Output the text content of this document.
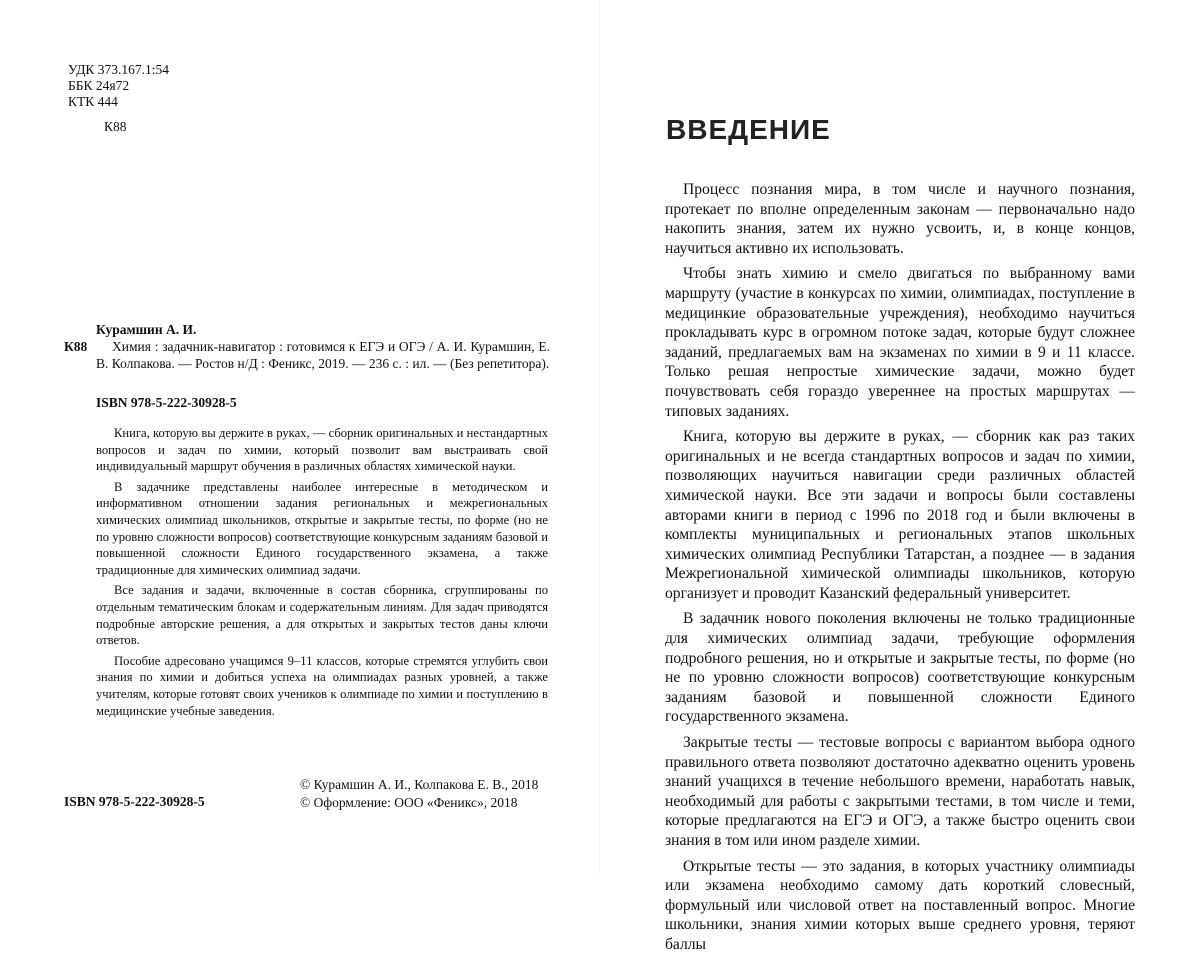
УДК 373.167.1:54
ББК 24я72
КТК 444
К88
Курамшин А. И.
К88	Химия : задачник-навигатор : готовимся к ЕГЭ и ОГЭ / А. И. Курамшин, Е. В. Колпакова. — Ростов н/Д : Феникс, 2019. — 236 с. : ил. — (Без репетитора).
ISBN 978-5-222-30928-5

Книга, которую вы держите в руках, — сборник оригинальных и нестандартных вопросов и задач по химии, который позволит вам выстраивать свой индивидуальный маршрут обучения в различных областях химической науки.

В задачнике представлены наиболее интересные в методическом и информативном отношении задания региональных и межрегиональных химических олимпиад школьников, открытые и закрытые тесты, по форме (но не по уровню сложности вопросов) соответствующие конкурсным заданиям базовой и повышенной сложности Единого государственного экзамена, а также традиционные для химических олимпиад задачи.

Все задания и задачи, включенные в состав сборника, сгруппированы по отдельным тематическим блокам и содержательным линиям. Для задач приводятся подробные авторские решения, а для открытых и закрытых тестов даны ключи ответов.

Пособие адресовано учащимся 9–11 классов, которые стремятся углубить свои знания по химии и добиться успеха на олимпиадах разных уровней, а также учителям, которые готовят своих учеников к олимпиаде по химии и поступлению в медицинские учебные заведения.

© Курамшин А. И., Колпакова Е. В., 2018
© Оформление: ООО «Феникс», 2018
ISBN 978-5-222-30928-5
ВВЕДЕНИЕ

Процесс познания мира, в том числе и научного познания, протекает по вполне определенным законам — первоначально надо накопить знания, затем их нужно усвоить, и, в конце концов, научиться активно их использовать.

Чтобы знать химию и смело двигаться по выбранному вами маршруту (участие в конкурсах по химии, олимпиадах, поступление в медицинкие образовательные учреждения), необходимо научиться прокладывать курс в огромном потоке задач, которые будут сложнее заданий, предлагаемых вам на экзаменах по химии в 9 и 11 классе. Только решая непростые химические задачи, можно будет почувствовать себя гораздо увереннее на простых маршрутах — типовых заданиях.

Книга, которую вы держите в руках, — сборник как раз таких оригинальных и не всегда стандартных вопросов и задач по химии, позволяющих научиться навигации среди различных областей химической науки. Все эти задачи и вопросы были составлены авторами книги в период с 1996 по 2018 год и были включены в комплекты муниципальных и региональных этапов школьных химических олимпиад Республики Татарстан, а позднее — в задания Межрегиональной химической олимпиады школьников, которую организует и проводит Казанский федеральный университет.

В задачник нового поколения включены не только традиционные для химических олимпиад задачи, требующие оформления подробного решения, но и открытые и закрытые тесты, по форме (но не по уровню сложности вопросов) соответствующие конкурсным заданиям базовой и повышенной сложности Единого государственного экзамена.

Закрытые тесты — тестовые вопросы с вариантом выбора одного правильного ответа позволяют достаточно адекватно оценить уровень знаний учащихся в течение небольшого времени, наработать навык, необходимый для работы с закрытыми тестами, в том числе и теми, которые предлагаются на ЕГЭ и ОГЭ, а также быстро оценить свои знания в том или ином разделе химии.

Открытые тесты — это задания, в которых участнику олимпиады или экзамена необходимо самому дать короткий словесный, формульный или числовой ответ на поставленный вопрос. Многие школьники, знания химии которых выше среднего уровня, теряют баллы
